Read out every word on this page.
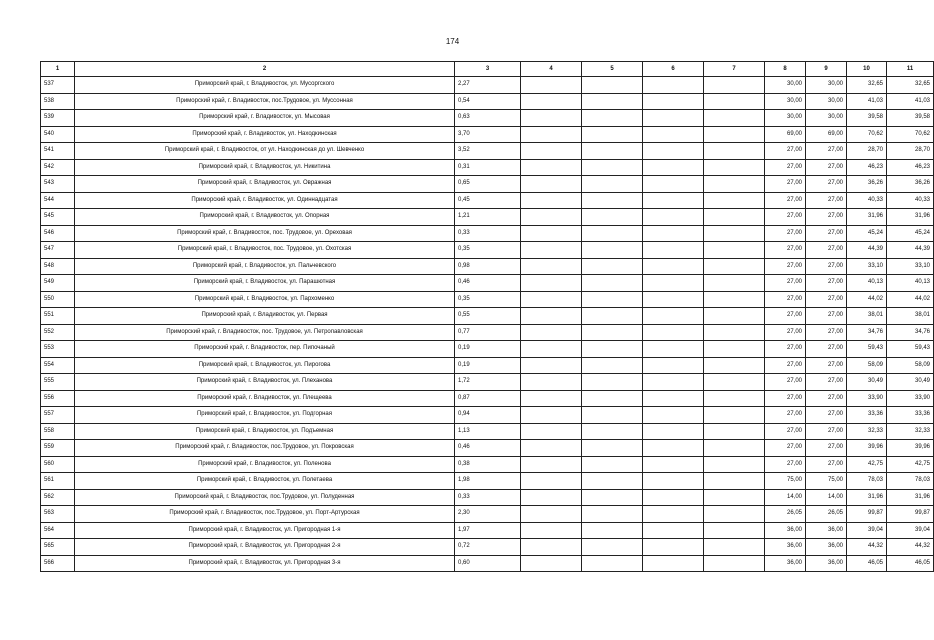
174
1	2	3	4	5	6	7	8	9	10	11
537	Приморский край, г. Владивосток, ул. Мусоргского	2,27					30,00	30,00	32,65	32,65
538	Приморский край, г. Владивосток, пос.Трудовое, ул. Муссонная	0,54					30,00	30,00	41,03	41,03
539	Приморский край, г. Владивосток, ул. Мысовая	0,63					30,00	30,00	39,58	39,58
540	Приморский край, г. Владивосток, ул. Находкинская	3,70					69,00	69,00	70,62	70,62
541	Приморский край, г. Владивосток, от ул. Находкинская до ул. Шевченко	3,52					27,00	27,00	28,70	28,70
542	Приморский край, г. Владивосток, ул. Никитина	0,31					27,00	27,00	46,23	46,23
543	Приморский край, г. Владивосток, ул. Овражная	0,65					27,00	27,00	36,26	36,26
544	Приморский край, г. Владивосток, ул. Одиннадцатая	0,45					27,00	27,00	40,33	40,33
545	Приморский край, г. Владивосток, ул. Опорная	1,21					27,00	27,00	31,96	31,96
546	Приморский край, г. Владивосток, пос. Трудовое, ул. Ореховая	0,33					27,00	27,00	45,24	45,24
547	Приморский край, г. Владивосток, пос. Трудовое, ул. Охотская	0,35					27,00	27,00	44,39	44,39
548	Приморский край, г. Владивосток, ул. Пальчевского	0,98					27,00	27,00	33,10	33,10
549	Приморский край, г. Владивосток, ул. Парашютная	0,46					27,00	27,00	40,13	40,13
550	Приморский край, г. Владивосток, ул. Пархоменко	0,35					27,00	27,00	44,02	44,02
551	Приморский край, г. Владивосток, ул. Первая	0,55					27,00	27,00	38,01	38,01
552	Приморский край, г. Владивосток, пос. Трудовое, ул. Петропавловская	0,77					27,00	27,00	34,76	34,76
553	Приморский край, г. Владивосток, пер. Пипочаный	0,19					27,00	27,00	59,43	59,43
554	Приморский край, г. Владивосток, ул. Пирогова	0,19					27,00	27,00	58,09	58,09
555	Приморский край, г. Владивосток, ул. Плеханова	1,72					27,00	27,00	30,49	30,49
556	Приморский край, г. Владивосток, ул. Плещеева	0,87					27,00	27,00	33,90	33,90
557	Приморский край, г. Владивосток, ул. Подгорная	0,94					27,00	27,00	33,36	33,36
558	Приморский край, г. Владивосток, ул. Подъемная	1,13					27,00	27,00	32,33	32,33
559	Приморский край, г. Владивосток, пос.Трудовое, ул. Покровская	0,46					27,00	27,00	39,96	39,96
560	Приморский край, г. Владивосток, ул. Поленова	0,38					27,00	27,00	42,75	42,75
561	Приморский край, г. Владивосток, ул. Полетаева	1,98					75,00	75,00	78,03	78,03
562	Приморский край, г. Владивосток, пос.Трудовое, ул. Полуденная	0,33					14,00	14,00	31,96	31,96
563	Приморский край, г. Владивосток, пос.Трудовое, ул. Порт-Артурская	2,30					26,05	26,05	99,87	99,87
564	Приморский край, г. Владивосток, ул. Пригородная 1-я	1,97					36,00	36,00	39,04	39,04
565	Приморский край, г. Владивосток, ул. Пригородная 2-я	0,72					36,00	36,00	44,32	44,32
566	Приморский край, г. Владивосток, ул. Пригородная 3-я	0,60					36,00	36,00	46,05	46,05
